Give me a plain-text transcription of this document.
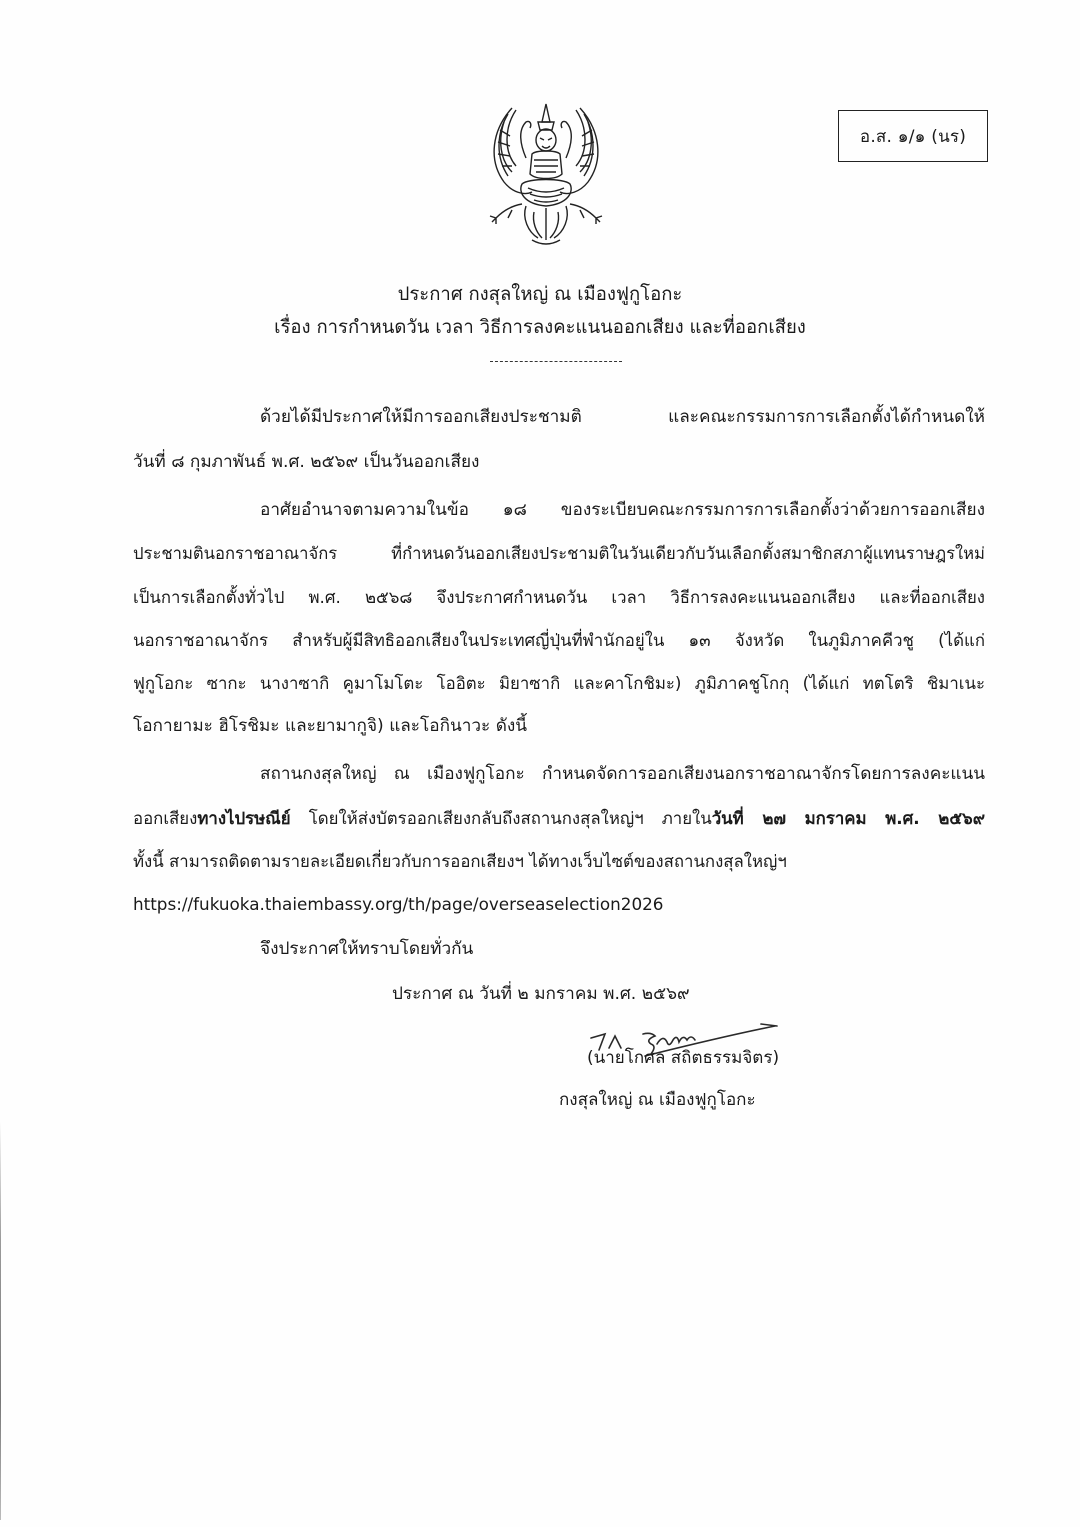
อ.ส. ๑/๑ (นร)
ประกาศ กงสุลใหญ่ ณ เมืองฟูกูโอกะ
เรื่อง การกำหนดวัน เวลา วิธีการลงคะแนนออกเสียง และที่ออกเสียง
ด้วยได้มีประกาศให้มีการออกเสียงประชามติ และคณะกรรมการการเลือกตั้งได้กำหนดให้
วันที่ ๘ กุมภาพันธ์ พ.ศ. ๒๕๖๙ เป็นวันออกเสียง
อาศัยอำนาจตามความในข้อ ๑๘ ของระเบียบคณะกรรมการการเลือกตั้งว่าด้วยการออกเสียง
ประชามตินอกราชอาณาจักร ที่กำหนดวันออกเสียงประชามติในวันเดียวกับวันเลือกตั้งสมาชิกสภาผู้แทนราษฎรใหม่
เป็นการเลือกตั้งทั่วไป พ.ศ. ๒๕๖๘ จึงประกาศกำหนดวัน เวลา วิธีการลงคะแนนออกเสียง และที่ออกเสียง
นอกราชอาณาจักร สำหรับผู้มีสิทธิออกเสียงในประเทศญี่ปุ่นที่พำนักอยู่ใน ๑๓ จังหวัด ในภูมิภาคคีวชู (ได้แก่
ฟูกูโอกะ ซากะ นางาซากิ คูมาโมโตะ โออิตะ มิยาซากิ และคาโกชิมะ) ภูมิภาคชูโกกุ (ได้แก่ ทตโตริ ชิมาเนะ
โอกายามะ ฮิโรชิมะ และยามากูจิ) และโอกินาวะ ดังนี้
สถานกงสุลใหญ่ ณ เมืองฟูกูโอกะ กำหนดจัดการออกเสียงนอกราชอาณาจักรโดยการลงคะแนน
ออกเสียงทางไปรษณีย์ โดยให้ส่งบัตรออกเสียงกลับถึงสถานกงสุลใหญ่ฯ ภายในวันที่ ๒๗ มกราคม พ.ศ. ๒๕๖๙
ทั้งนี้ สามารถติดตามรายละเอียดเกี่ยวกับการออกเสียงฯ ได้ทางเว็บไซต์ของสถานกงสุลใหญ่ฯ
https://fukuoka.thaiembassy.org/th/page/overseaselection2026
จึงประกาศให้ทราบโดยทั่วกัน
ประกาศ ณ วันที่ ๒ มกราคม พ.ศ. ๒๕๖๙
(นายโกศล สถิตธรรมจิตร)
กงสุลใหญ่ ณ เมืองฟูกูโอกะ
